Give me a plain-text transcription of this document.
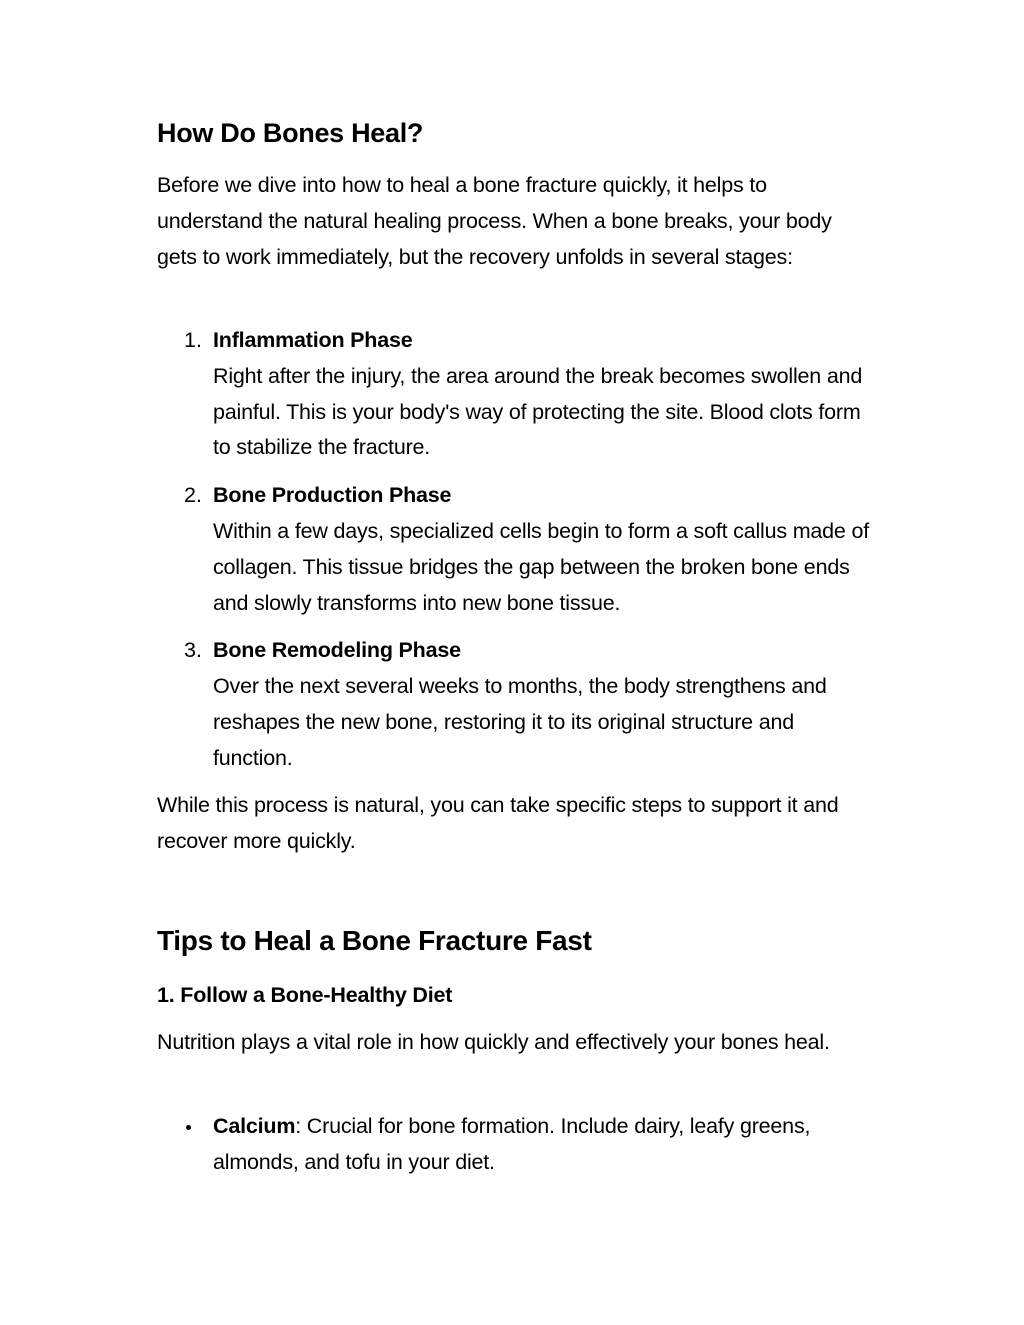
How Do Bones Heal?

Before we dive into how to heal a bone fracture quickly, it helps to understand the natural healing process. When a bone breaks, your body gets to work immediately, but the recovery unfolds in several stages:

1. Inflammation Phase
Right after the injury, the area around the break becomes swollen and painful. This is your body's way of protecting the site. Blood clots form to stabilize the fracture.
2. Bone Production Phase
Within a few days, specialized cells begin to form a soft callus made of collagen. This tissue bridges the gap between the broken bone ends and slowly transforms into new bone tissue.
3. Bone Remodeling Phase
Over the next several weeks to months, the body strengthens and reshapes the new bone, restoring it to its original structure and function.

While this process is natural, you can take specific steps to support it and recover more quickly.

Tips to Heal a Bone Fracture Fast
1. Follow a Bone-Healthy Diet

Nutrition plays a vital role in how quickly and effectively your bones heal.

Calcium: Crucial for bone formation. Include dairy, leafy greens, almonds, and tofu in your diet.
